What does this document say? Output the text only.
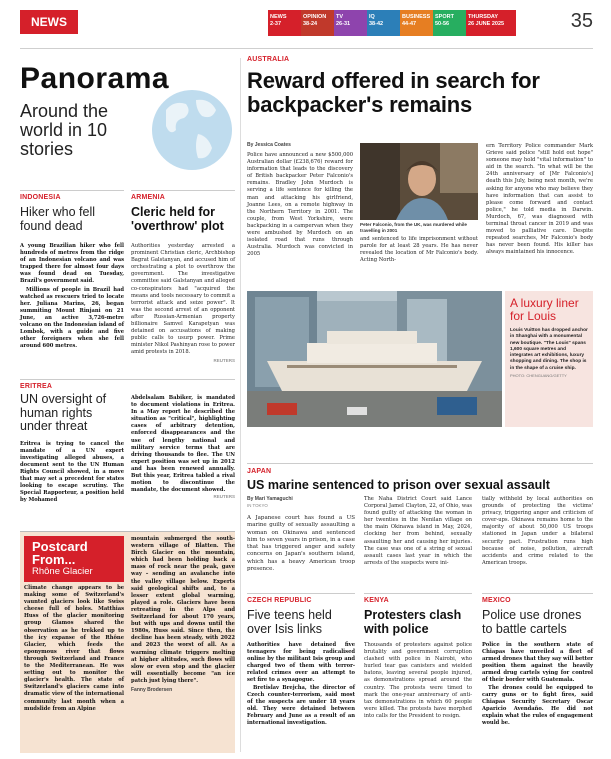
NEWS	NEWS
2-37
OPINION
38-24
TV
26-31
IQ
38-42
BUSINESS
44-47
SPORT
50-56
THURSDAY
26 JUNE 2025	35
Panorama
Around the world in 10 stories
INDONESIA
Hiker who fell found dead
A young Brazilian hiker who fell hundreds of metres from the ridge of an Indonesian volcano and was trapped there for almost four days was found dead on Tuesday, Brazil's government said.
Millions of people in Brazil had watched as rescuers tried to locate her. Juliana Marins, 26, began summiting Mount Rinjani on 21 June, an active 3,726-metre volcano on the Indonesian island of Lombok, with a guide and five other foreigners when she fell around 600 metres.
ARMENIA
Cleric held for 'overthrow' plot
Authorities yesterday arrested a prominent Christian cleric, Archbishop Bagrat Galstanyan, and accused him of orchestrating a plot to overthrow the government. The investigative committee said Galstanyan and alleged co-conspirators had "acquired the means and tools necessary to commit a terrorist attack and seize power". It was the second arrest of an opponent after Russian-Armenian property billionaire Samvel Karapetyan was detained on accusations of making public calls to usurp power. Prime minister Nikol Pashinyan rose to power amid protests in 2018.
REUTERS
ERITREA
UN oversight of human rights under threat
Eritrea is trying to cancel the mandate of a UN expert investigating alleged abuses, a document sent to the UN Human Rights Council showed, in a move that may set a precedent for states looking to escape scrutiny. The Special Rapporteur, a position held by Mohamed
Abdelsalam Babiker, is mandated to document violations in Eritrea. In a May report he described the situation as "critical", highlighting cases of arbitrary detention, enforced disappearances and the use of lengthy national and military service terms that are driving thousands to flee. The UN expert position was set up in 2012 and has been renewed annually. But this year, Eritrea tabled a rival motion to discontinue the mandate, the document showed.
REUTERS
Postcard From...
Rhône Glacier
Climate change appears to be making some of Switzerland's vaunted glaciers look like Swiss cheese full of holes. Matthias Huss of the glacier monitoring group Glamos shared the observation as he trekked up to the icy expanse of the Rhône Glacier, which feeds the eponymous river that flows through Switzerland and France to the Mediterranean. He was setting out to monitor the glacier's health. The state of Switzerland's glaciers came into dramatic view of the international community last month when a mudslide from an Alpine
mountain submerged the south-western village of Blatten. The Birch Glacier on the mountain, which had been holding back a mass of rock near the peak, gave way – sending an avalanche into the valley village below. Experts said geological shifts and, to a lesser extent global warming, played a role. Glaciers have been retreating in the Alps and Switzerland for about 170 years, but with ups and downs until the 1980s, Huss said. Since then, the decline has been steady, with 2022 and 2023 the worst of all. As a warming climate triggers melting at higher altitudes, such flows will slow or even stop and the glacier will essentially become "an ice patch just lying there".
Fanny Brodersen
AUSTRALIA
Reward offered in search for backpacker's remains
By Jessica Coates
Police have announced a new $500,000 Australian dollar (£238,676) reward for information that leads to the discovery of British backpacker Peter Falconio's remains. Bradley John Murdoch is serving a life sentence for killing the man and attacking his girlfriend, Joanne Lees, on a remote highway in the Northern Territory in 2001. The couple, from West Yorkshire, were backpacking in a campervan when they were ambushed by Murdoch on an isolated road that runs through Australia. Murdoch was convicted in 2005
Peter Falconio, from the UK, was murdered while travelling in 2001
and sentenced to life imprisonment without parole for at least 28 years. He has never revealed the location of Mr Falconio's body. Acting North-
ern Territory Police commander Mark Grieve said police "still hold out hope" someone may hold "vital information" to aid in the search. "In what will be the 24th anniversary of [Mr Falconio's] death this July, being next month, we're asking for anyone who may believe they have information that can assist to please come forward and contact police," he told media in Darwin. Murdoch, 67, was diagnosed with terminal throat cancer in 2019 and was moved to palliative care. Despite repeated searches, Mr Falconio's body has never been found. His killer has always maintained his innocence.
A luxury liner for Louis
Louis Vuitton has dropped anchor in Shanghai with a monumental new boutique. "The Louis" spans 1,600 square metres and integrates art exhibitions, luxury shopping and dining. The shop is in the shape of a cruise ship.
PHOTO: CHENGUANG/GETTY
JAPAN
US marine sentenced to prison over sexual assault
By Mari Yamaguchi
IN TOKYO
A Japanese court has found a US marine guilty of sexually assaulting a woman on Okinawa and sentenced him to seven years in prison, in a case that has triggered anger and safety concerns on Japan's southern island, which has a heavy American troop presence.
The Naha District Court said Lance Corporal Jamel Clayton, 22, of Ohio, was found guilty of attacking the woman in her twenties in the Nenilan village on the main Okinawa island in May, 2024, clocking her from behind, sexually assaulting her and causing her injuries. The case was one of a string of sexual assault cases last year in which the arrests of the suspects were ini-
tially withheld by local authorities on grounds of protecting the victims' privacy, triggering anger and criticism of cover-ups. Okinawa remains home to the majority of about 50,000 US troops stationed in Japan under a bilateral security pact. Frustration runs high because of noise, pollution, aircraft accidents and crime related to the American troops.
CZECH REPUBLIC
Five teens held over Isis links
Authorities have detained five teenagers for being radicalised online by the militant Isis group and charged two of them with terror-related crimes over an attempt to set fire to a synagogue.
Bretislav Brejcha, the director of Czech counter-terrorism, said most of the suspects are under 18 years old. They were detained between February and June as a result of an international investigation.
KENYA
Protesters clash with police
Thousands of protesters against police brutality and government corruption clashed with police in Nairobi, who hurled tear gas canisters and wielded batons, leaving several people injured, as demonstrations spread around the country. The protests were timed to mark the one-year anniversary of anti-tax demonstrations in which 60 people were killed. The protests have morphed into calls for the President to resign.
MEXICO
Police use drones to battle cartels
Police in the southern state of Chiapas have unveiled a fleet of armed drones that they say will better position them against the heavily armed drug cartels vying for control of their border with Guatemala.
The drones could be equipped to carry guns or to fight fires, said Chiapas Security Secretary Oscar Aparicio Avendaño. He did not explain what the rules of engagement would be.
